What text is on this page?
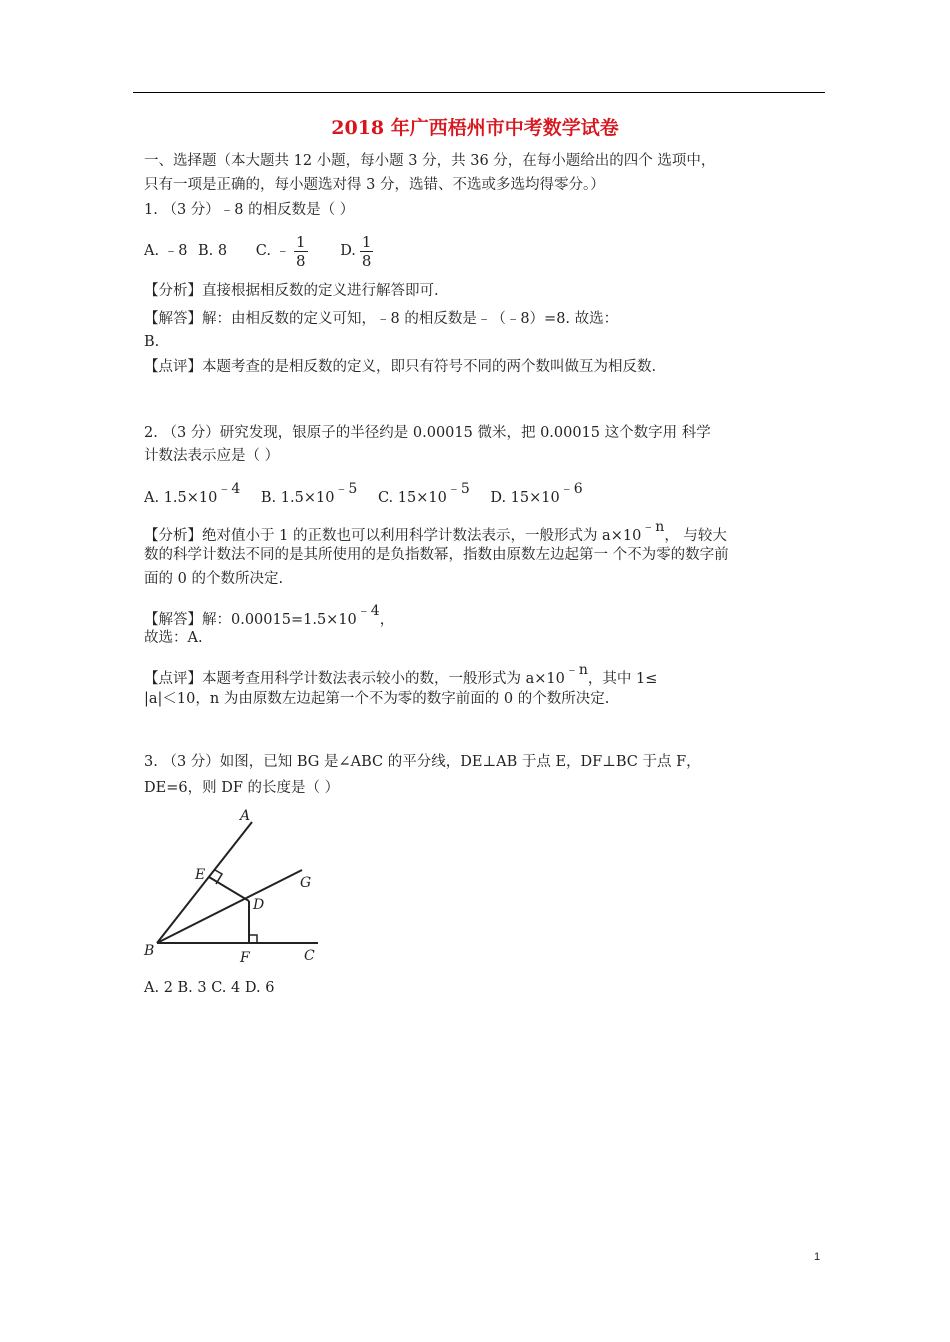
2018 年广西梧州市中考数学试卷
一、选择题（本大题共 12 小题，每小题 3 分，共 36 分，在每小题给出的四个 选项中，
只有一项是正确的，每小题选对得 3 分，选错、不选或多选均得零分。）
1. （3 分）﹣8 的相反数是（ ）
A. ﹣8 B. 8 C. ﹣ $\frac{1}{8} D$. $\frac{1}{8}$
【分析】直接根据相反数的定义进行解答即可.
【解答】解：由相反数的定义可知，﹣8 的相反数是﹣（﹣8）=8. 故选：
B.
【点评】本题考查的是相反数的定义，即只有符号不同的两个数叫做互为相反数.
2. （3 分）研究发现，银原子的半径约是 0.00015 微米，把 0.00015 这个数字用 科学
计数法表示应是（ ）
A. $1.5\times 10^{﹣4}$ B. $1.5\times 10^{﹣5}$ C. $15\times 10^{﹣5}$ D. $15\times 10^{﹣6}$
【分析】绝对值小于 1 的正数也可以利用科学计数法表示，一般形式为 $a\times 10^{﹣n}$， 与较大
数的科学计数法不同的是其所使用的是负指数幂，指数由原数左边起第一 个不为零的数字前
面的 0 的个数所决定.
【解答】解：$0.00015=1.5\times 10^{﹣4}$，
故选：A.
【点评】本题考查用科学计数法表示较小的数，一般形式为 $a\times 10^{﹣n}$，其中 1≤
|a|＜10，n 为由原数左边起第一个不为零的数字前面的 0 的个数所决定.
3. （3 分）如图，已知 BG 是∠ABC 的平分线，DE⊥AB 于点 E，DF⊥BC 于点 F，
DE=6，则 DF 的长度是（ ）
A
E	G
D
B	F	C
A. 2 B. 3 C. 4 D. 6
1
